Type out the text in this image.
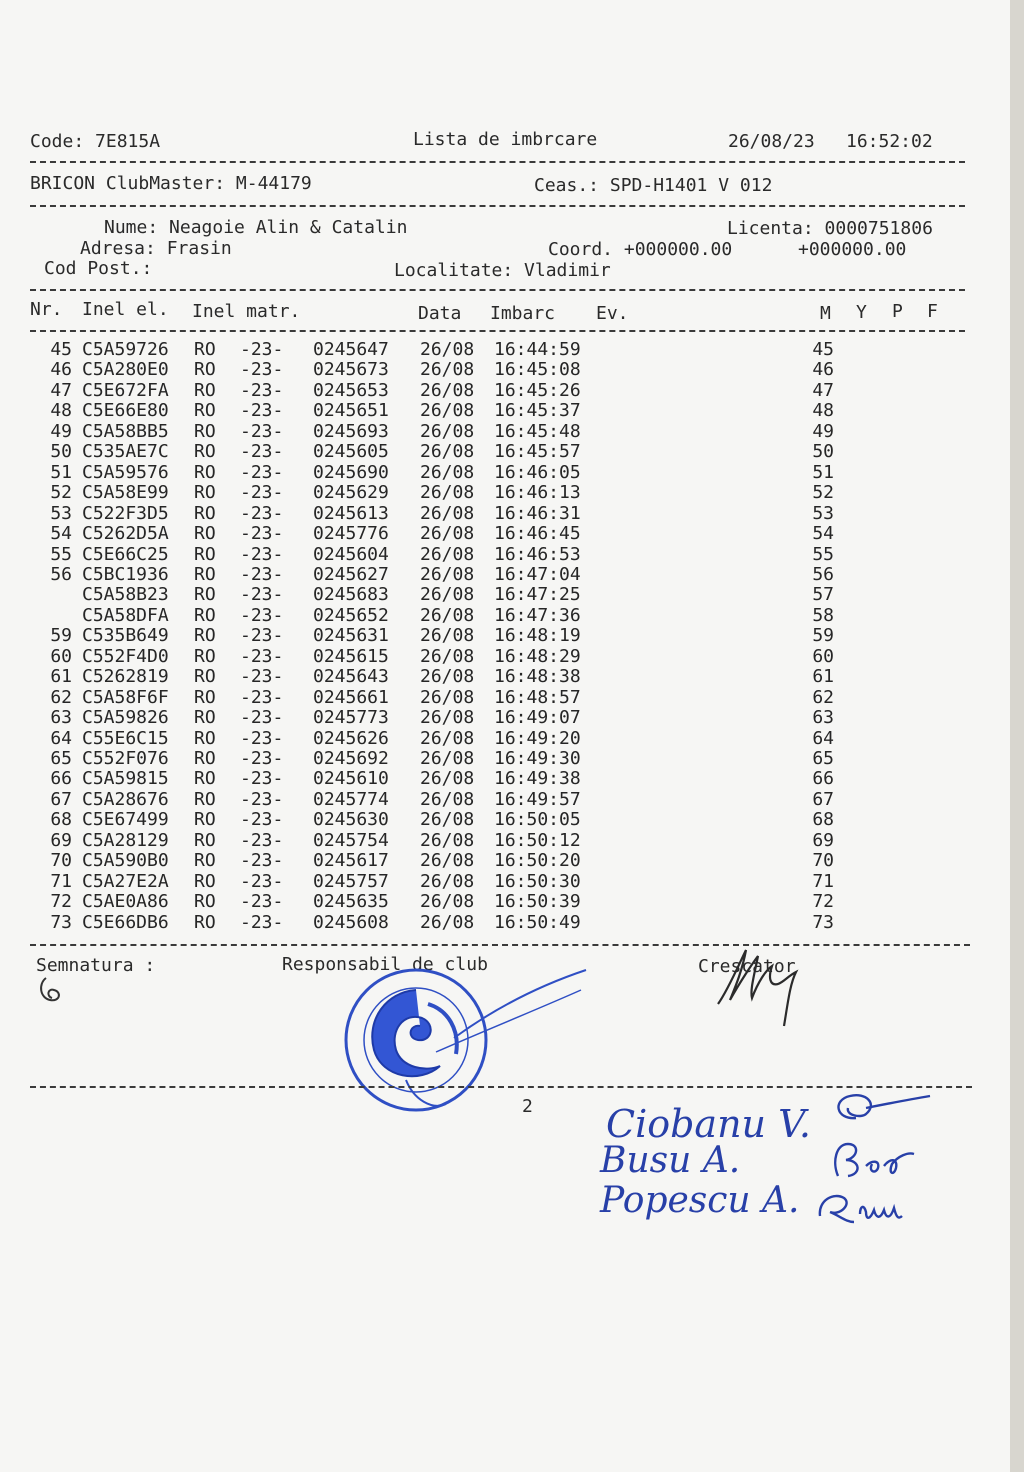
Code: 7E815A	Lista de imbrcare	26/08/23 16:52:02
BRICON ClubMaster: M-44179	Ceas.: SPD-H1401 V 012
Nume: Neagoie Alin & Catalin	Licenta: 0000751806
Adresa: Frasin	Coord. +000000.00	+000000.00
Cod Post.:	Localitate: Vladimir
Nr. Inel el. Inel matr.	Data Imbarc Ev.	M Y P F
45 C5A59726 RO -23- 0245647 26/08 16:44:59	45
46 C5A280E0 RO -23- 0245673 26/08 16:45:08	46
47 C5E672FA RO -23- 0245653 26/08 16:45:26	47
48 C5E66E80 RO -23- 0245651 26/08 16:45:37	48
49 C5A58BB5 RO -23- 0245693 26/08 16:45:48	49
50 C535AE7C RO -23- 0245605 26/08 16:45:57	50
51 C5A59576 RO -23- 0245690 26/08 16:46:05	51
52 C5A58E99 RO -23- 0245629 26/08 16:46:13	52
53 C522F3D5 RO -23- 0245613 26/08 16:46:31	53
54 C5262D5A RO -23- 0245776 26/08 16:46:45	54
55 C5E66C25 RO -23- 0245604 26/08 16:46:53	55
56 C5BC1936 RO -23- 0245627 26/08 16:47:04	56
C5A58B23 RO -23- 0245683 26/08 16:47:25	57
C5A58DFA RO -23- 0245652 26/08 16:47:36	58
59 C535B649 RO -23- 0245631 26/08 16:48:19	59
60 C552F4D0 RO -23- 0245615 26/08 16:48:29	60
61 C5262819 RO -23- 0245643 26/08 16:48:38	61
62 C5A58F6F RO -23- 0245661 26/08 16:48:57	62
63 C5A59826 RO -23- 0245773 26/08 16:49:07	63
64 C55E6C15 RO -23- 0245626 26/08 16:49:20	64
65 C552F076 RO -23- 0245692 26/08 16:49:30	65
66 C5A59815 RO -23- 0245610 26/08 16:49:38	66
67 C5A28676 RO -23- 0245774 26/08 16:49:57	67
68 C5E67499 RO -23- 0245630 26/08 16:50:05	68
69 C5A28129 RO -23- 0245754 26/08 16:50:12	69
70 C5A590B0 RO -23- 0245617 26/08 16:50:20	70
71 C5A27E2A RO -23- 0245757 26/08 16:50:30	71
72 C5AE0A86 RO -23- 0245635 26/08 16:50:39	72
73 C5E66DB6 RO -23- 0245608 26/08 16:50:49	73
Semnatura :	Responsabil de club	Crescator
2 Ciobanu V.
Busu A.
Popescu A.
